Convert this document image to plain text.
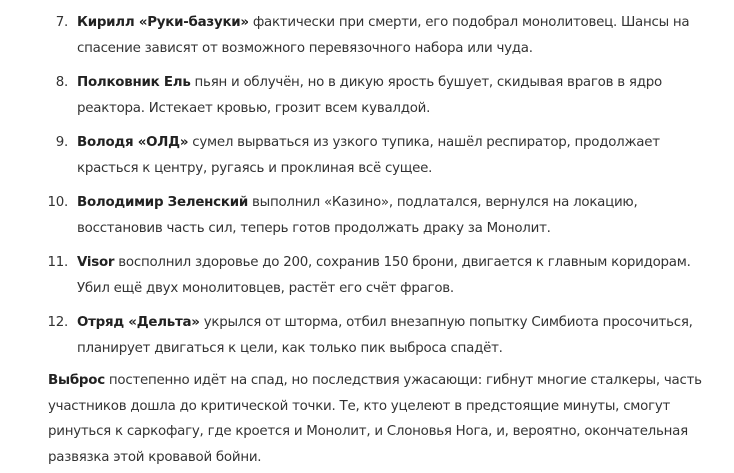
7. Кирилл «Руки-базуки» фактически при смерти, его подобрал монолитовец. Шансы на спасение зависят от возможного перевязочного набора или чуда.
8. Полковник Ель пьян и облучён, но в дикую ярость бушует, скидывая врагов в ядро реактора. Истекает кровью, грозит всем кувалдой.
9. Володя «ОЛД» сумел вырваться из узкого тупика, нашёл респиратор, продолжает красться к центру, ругаясь и проклиная всё сущее.
10. Володимир Зеленский выполнил «Казино», подлатался, вернулся на локацию, восстановив часть сил, теперь готов продолжать драку за Монолит.
11. Visor восполнил здоровье до 200, сохранив 150 брони, двигается к главным коридорам. Убил ещё двух монолитовцев, растёт его счёт фрагов.
12. Отряд «Дельта» укрылся от шторма, отбил внезапную попытку Симбиота просочиться, планирует двигаться к цели, как только пик выброса спадёт.

Выброс постепенно идёт на спад, но последствия ужасающи: гибнут многие сталкеры, часть участников дошла до критической точки. Те, кто уцелеют в предстоящие минуты, смогут ринуться к саркофагу, где кроется и Монолит, и Слоновья Нога, и, вероятно, окончательная развязка этой кровавой бойни.
